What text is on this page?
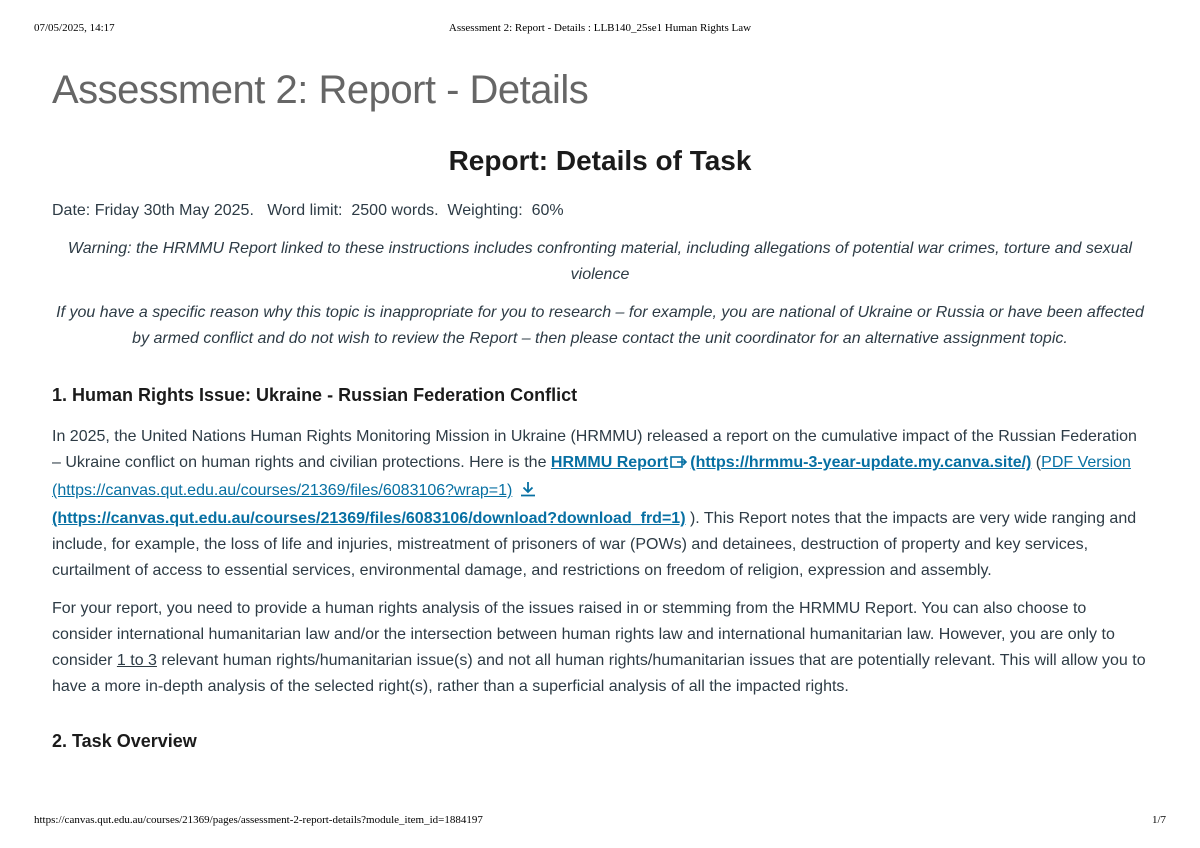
07/05/2025, 14:17	Assessment 2: Report - Details : LLB140_25se1 Human Rights Law
Assessment 2: Report - Details
Report: Details of Task

Date: Friday 30th May 2025.   Word limit:  2500 words.  Weighting:  60%

Warning: the HRMMU Report linked to these instructions includes confronting material, including allegations of potential war crimes, torture and sexual violence

If you have a specific reason why this topic is inappropriate for you to research – for example, you are national of Ukraine or Russia or have been affected by armed conflict and do not wish to review the Report – then please contact the unit coordinator for an alternative assignment topic.

1. Human Rights Issue: Ukraine - Russian Federation Conflict

In 2025, the United Nations Human Rights Monitoring Mission in Ukraine (HRMMU) released a report on the cumulative impact of the Russian Federation – Ukraine conflict on human rights and civilian protections. Here is the HRMMU Report (https://hrmmu-3-year-update.my.canva.site/) (PDF Version (https://canvas.qut.edu.au/courses/21369/files/6083106?wrap=1)
(https://canvas.qut.edu.au/courses/21369/files/6083106/download?download_frd=1) ). This Report notes that the impacts are very wide ranging and include, for example, the loss of life and injuries, mistreatment of prisoners of war (POWs) and detainees, destruction of property and key services, curtailment of access to essential services, environmental damage, and restrictions on freedom of religion, expression and assembly.

For your report, you need to provide a human rights analysis of the issues raised in or stemming from the HRMMU Report. You can also choose to consider international humanitarian law and/or the intersection between human rights law and international humanitarian law. However, you are only to consider 1 to 3 relevant human rights/humanitarian issue(s) and not all human rights/humanitarian issues that are potentially relevant. This will allow you to have a more in-depth analysis of the selected right(s), rather than a superficial analysis of all the impacted rights.

2. Task Overview
https://canvas.qut.edu.au/courses/21369/pages/assessment-2-report-details?module_item_id=1884197	1/7
